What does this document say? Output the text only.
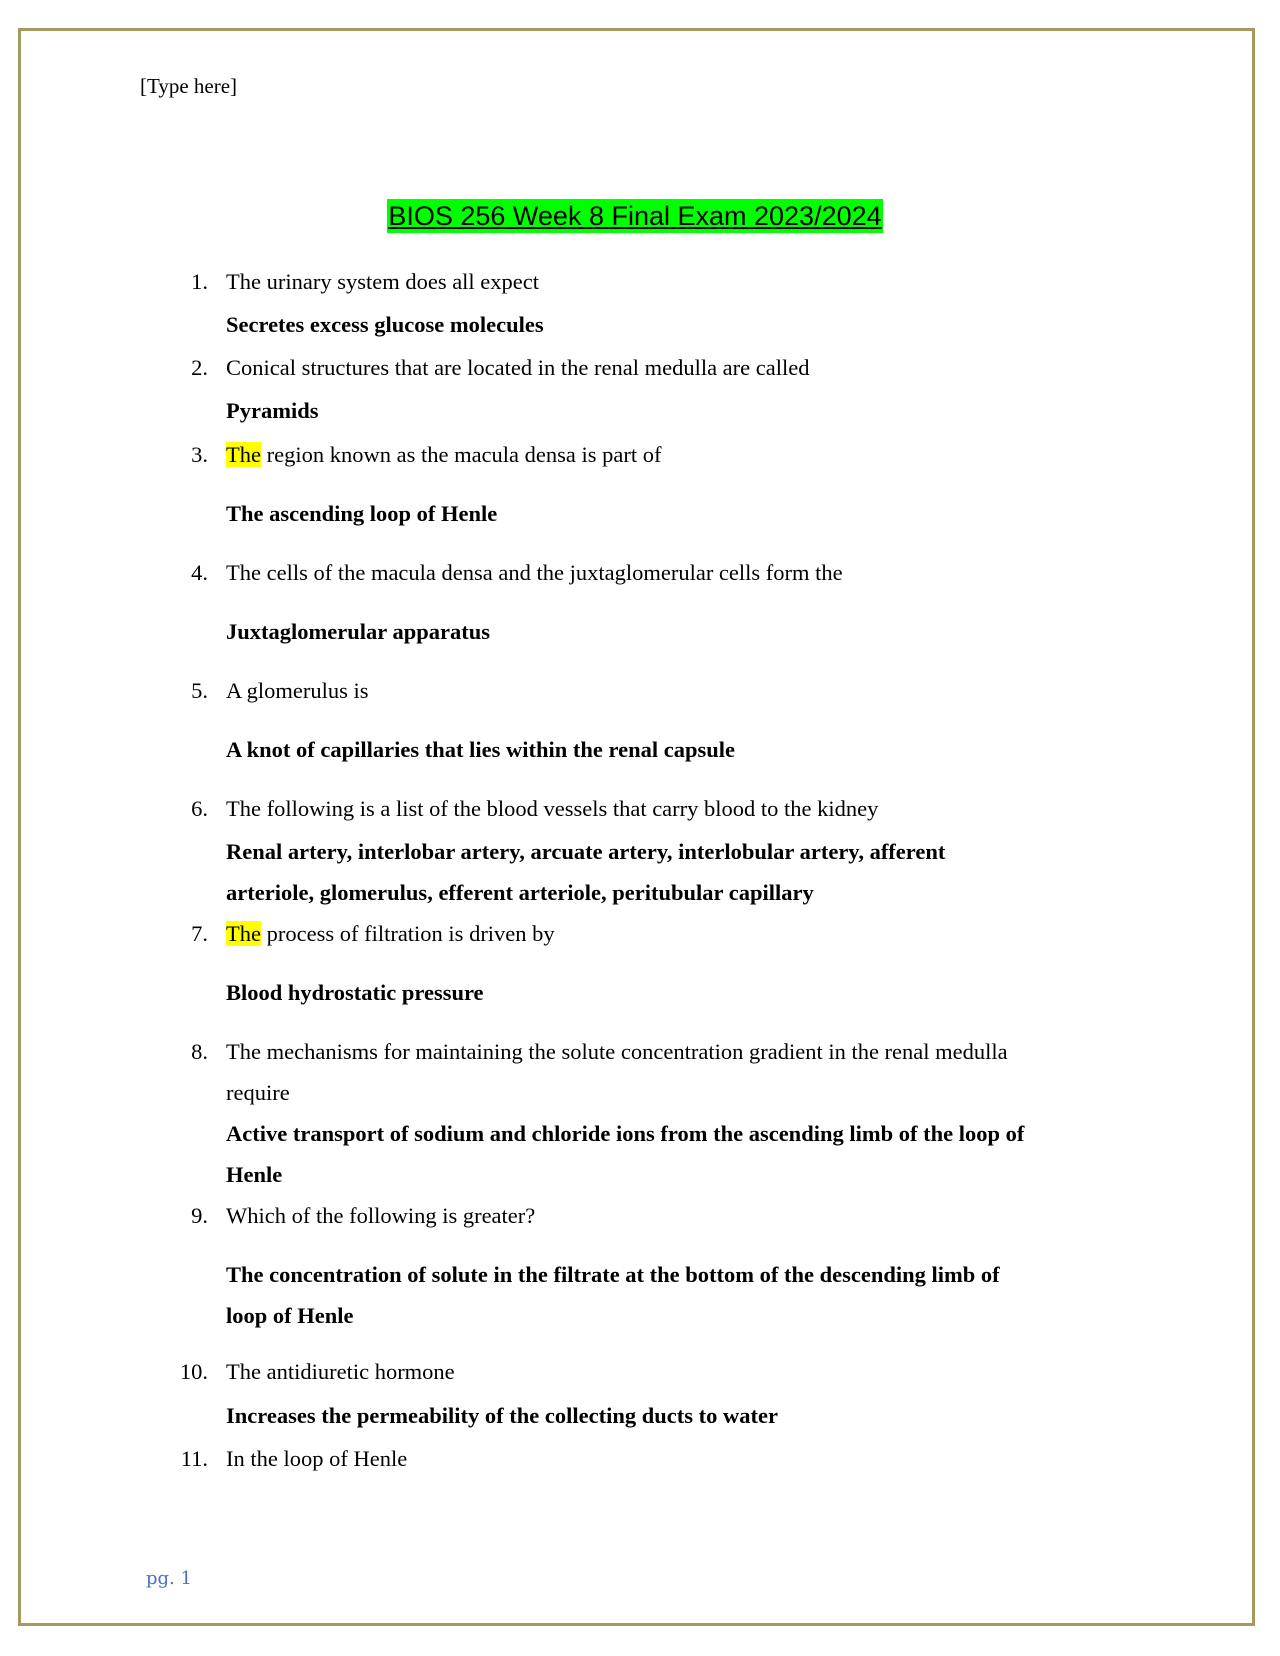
[Type here]
BIOS 256 Week 8 Final Exam 2023/2024
1. The urinary system does all expect
Secretes excess glucose molecules
2. Conical structures that are located in the renal medulla are called
Pyramids
3. The region known as the macula densa is part of
The ascending loop of Henle
4. The cells of the macula densa and the juxtaglomerular cells form the
Juxtaglomerular apparatus
5. A glomerulus is
A knot of capillaries that lies within the renal capsule
6. The following is a list of the blood vessels that carry blood to the kidney
Renal artery, interlobar artery, arcuate artery, interlobular artery, afferent
arteriole, glomerulus, efferent arteriole, peritubular capillary
7. The process of filtration is driven by
Blood hydrostatic pressure
8. The mechanisms for maintaining the solute concentration gradient in the renal medulla
require
Active transport of sodium and chloride ions from the ascending limb of the loop of
Henle
9. Which of the following is greater?
The concentration of solute in the filtrate at the bottom of the descending limb of
loop of Henle
10. The antidiuretic hormone
Increases the permeability of the collecting ducts to water
11. In the loop of Henle
pg. 1
